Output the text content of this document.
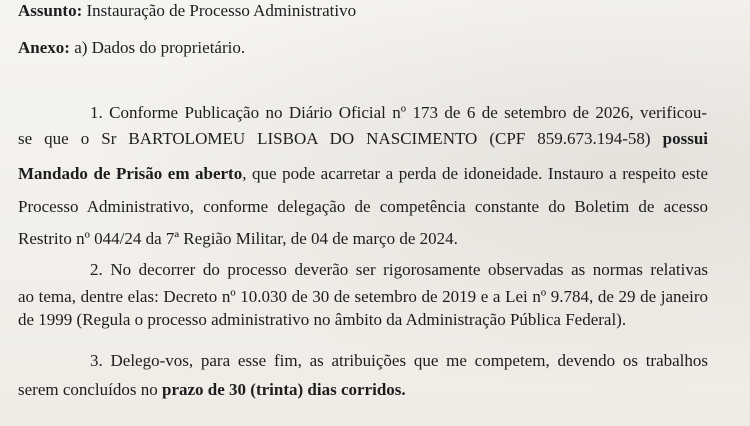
Assunto: Instauração de Processo Administrativo
Anexo: a) Dados do proprietário.
1. Conforme Publicação no Diário Oficial nº 173 de 6 de setembro de 2026, verificou-
se que o Sr BARTOLOMEU LISBOA DO NASCIMENTO (CPF 859.673.194-58) possui
Mandado de Prisão em aberto, que pode acarretar a perda de idoneidade. Instauro a respeito este
Processo Administrativo, conforme delegação de competência constante do Boletim de acesso
Restrito nº 044/24 da 7ª Região Militar, de 04 de março de 2024.
2. No decorrer do processo deverão ser rigorosamente observadas as normas relativas
ao tema, dentre elas: Decreto nº 10.030 de 30 de setembro de 2019 e a Lei nº 9.784, de 29 de janeiro
de 1999 (Regula o processo administrativo no âmbito da Administração Pública Federal).
3. Delego-vos, para esse fim, as atribuições que me competem, devendo os trabalhos
serem concluídos no prazo de 30 (trinta) dias corridos.
